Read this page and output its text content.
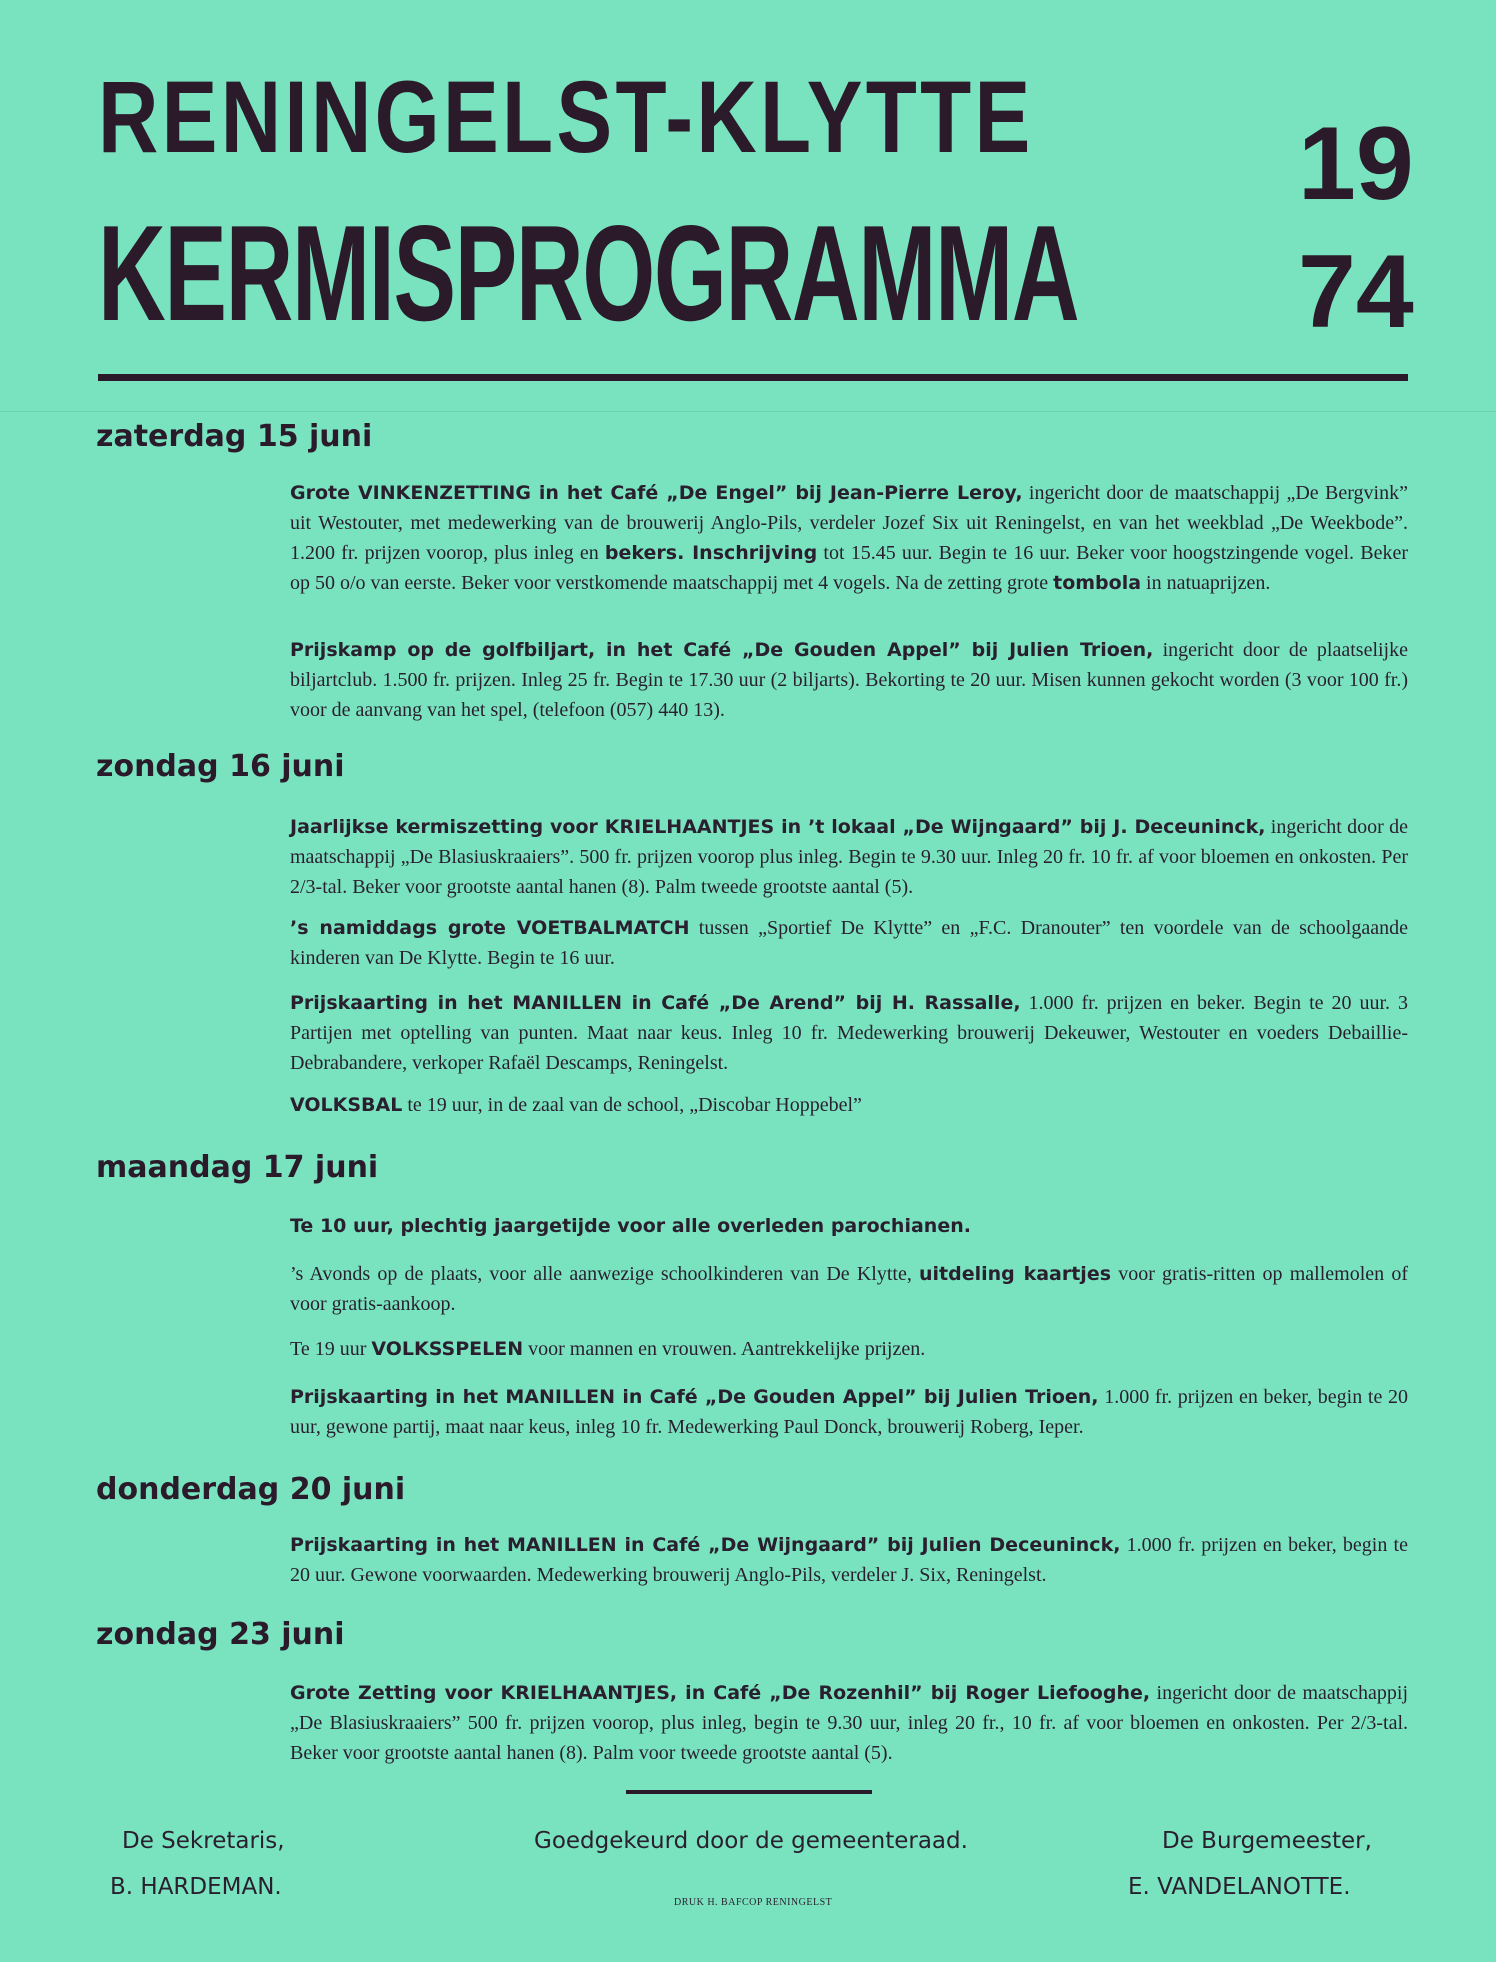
RENINGELST-KLYTTE
KERMISPROGRAMMA
19
74
zaterdag 15 juni

Grote VINKENZETTING in het Café „De Engel” bij Jean-Pierre Leroy, ingericht door de maatschappij „De Bergvink” uit Westouter, met medewerking van de brouwerij Anglo-Pils, verdeler Jozef Six uit Reningelst, en van het weekblad „De Weekbode”. 1.200 fr. prijzen voorop, plus inleg en bekers. Inschrijving tot 15.45 uur. Begin te 16 uur. Beker voor hoogstzingende vogel. Beker op 50 o/o van eerste. Beker voor verstkomende maatschappij met 4 vogels. Na de zetting grote tombola in natuaprijzen.

Prijskamp op de golfbiljart, in het Café „De Gouden Appel” bij Julien Trioen, ingericht door de plaatselijke biljartclub. 1.500 fr. prijzen. Inleg 25 fr. Begin te 17.30 uur (2 biljarts). Bekorting te 20 uur. Misen kunnen gekocht worden (3 voor 100 fr.) voor de aanvang van het spel, (telefoon (057) 440 13).

zondag 16 juni

Jaarlijkse kermiszetting voor KRIELHAANTJES in ’t lokaal „De Wijngaard” bij J. Deceuninck, ingericht door de maatschappij „De Blasiuskraaiers”. 500 fr. prijzen voorop plus inleg. Begin te 9.30 uur. Inleg 20 fr. 10 fr. af voor bloemen en onkosten. Per 2/3-tal. Beker voor grootste aantal hanen (8). Palm tweede grootste aantal (5).

’s namiddags grote VOETBALMATCH tussen „Sportief De Klytte” en „F.C. Dranouter” ten voordele van de schoolgaande kinderen van De Klytte. Begin te 16 uur.

Prijskaarting in het MANILLEN in Café „De Arend” bij H. Rassalle, 1.000 fr. prijzen en beker. Begin te 20 uur. 3 Partijen met optelling van punten. Maat naar keus. Inleg 10 fr. Medewerking brouwerij Dekeuwer, Westouter en voeders Debaillie-Debrabandere, verkoper Rafaël Descamps, Reningelst.

VOLKSBAL te 19 uur, in de zaal van de school, „Discobar Hoppebel”

maandag 17 juni

Te 10 uur, plechtig jaargetijde voor alle overleden parochianen.

’s Avonds op de plaats, voor alle aanwezige schoolkinderen van De Klytte, uitdeling kaartjes voor gratis-ritten op mallemolen of voor gratis-aankoop.

Te 19 uur VOLKSSPELEN voor mannen en vrouwen. Aantrekkelijke prijzen.

Prijskaarting in het MANILLEN in Café „De Gouden Appel” bij Julien Trioen, 1.000 fr. prijzen en beker, begin te 20 uur, gewone partij, maat naar keus, inleg 10 fr. Medewerking Paul Donck, brouwerij Roberg, Ieper.

donderdag 20 juni

Prijskaarting in het MANILLEN in Café „De Wijngaard” bij Julien Deceuninck, 1.000 fr. prijzen en beker, begin te 20 uur. Gewone voorwaarden. Medewerking brouwerij Anglo-Pils, verdeler J. Six, Reningelst.

zondag 23 juni

Grote Zetting voor KRIELHAANTJES, in Café „De Rozenhil” bij Roger Liefooghe, ingericht door de maatschappij „De Blasiuskraaiers” 500 fr. prijzen voorop, plus inleg, begin te 9.30 uur, inleg 20 fr., 10 fr. af voor bloemen en onkosten. Per 2/3-tal. Beker voor grootste aantal hanen (8). Palm voor tweede grootste aantal (5).

De Sekretaris,

B. HARDEMAN.

Goedgekeurd door de gemeenteraad.	De Burgemeester,

E. VANDELANOTTE.

DRUK H. BAFCOP RENINGELST
